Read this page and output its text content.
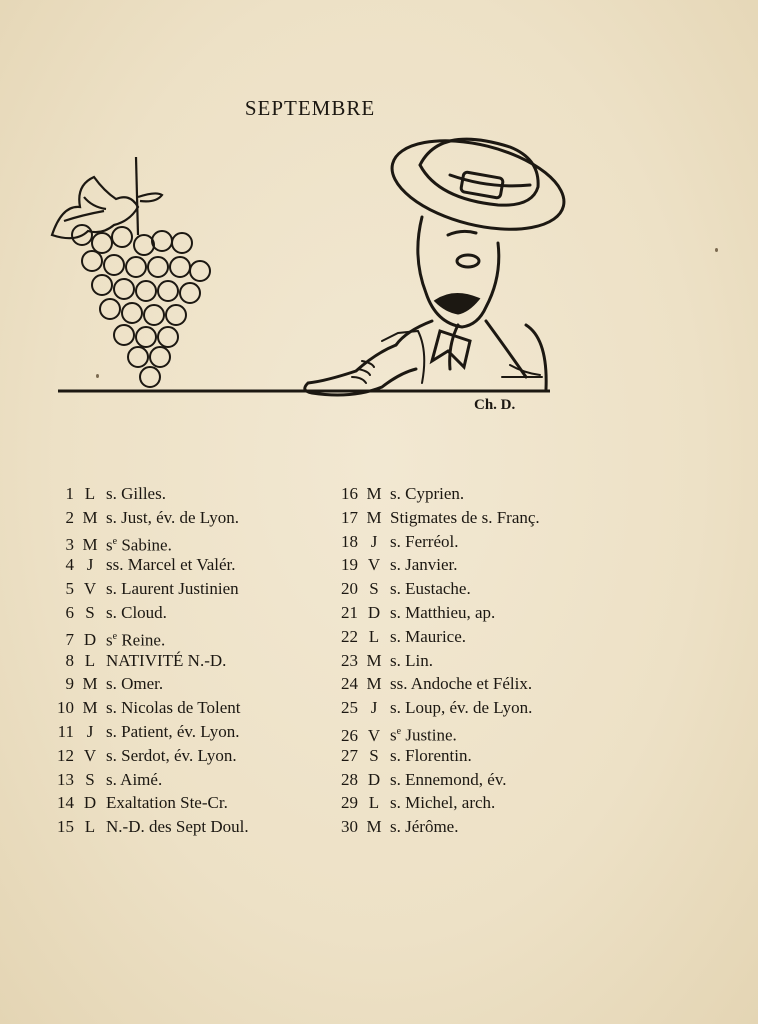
SEPTEMBRE
Ch. D.
1 L s. Gilles.
2 M s. Just, év. de Lyon.
3 M $s^e$ Sabine.
4 J ss. Marcel et Valér.
5 V s. Laurent Justinien
6 S s. Cloud.
7 D $s^e$ Reine.
8 L NATIVITÉ N.-D.
9 M s. Omer.
10 M s. Nicolas de Tolent
11 J s. Patient, év. Lyon.
12 V s. Serdot, év. Lyon.
13 S s. Aimé.
14 D Exaltation Ste-Cr.
15 L N.-D. des Sept Doul.
16 M s. Cyprien.
17 M Stigmates de s. Franç.
18 J s. Ferréol.
19 V s. Janvier.
20 S s. Eustache.
21 D s. Matthieu, ap.
22 L s. Maurice.
23 M s. Lin.
24 M ss. Andoche et Félix.
25 J s. Loup, év. de Lyon.
26 V $s^e$ Justine.
27 S s. Florentin.
28 D s. Ennemond, év.
29 L s. Michel, arch.
30 M s. Jérôme.
